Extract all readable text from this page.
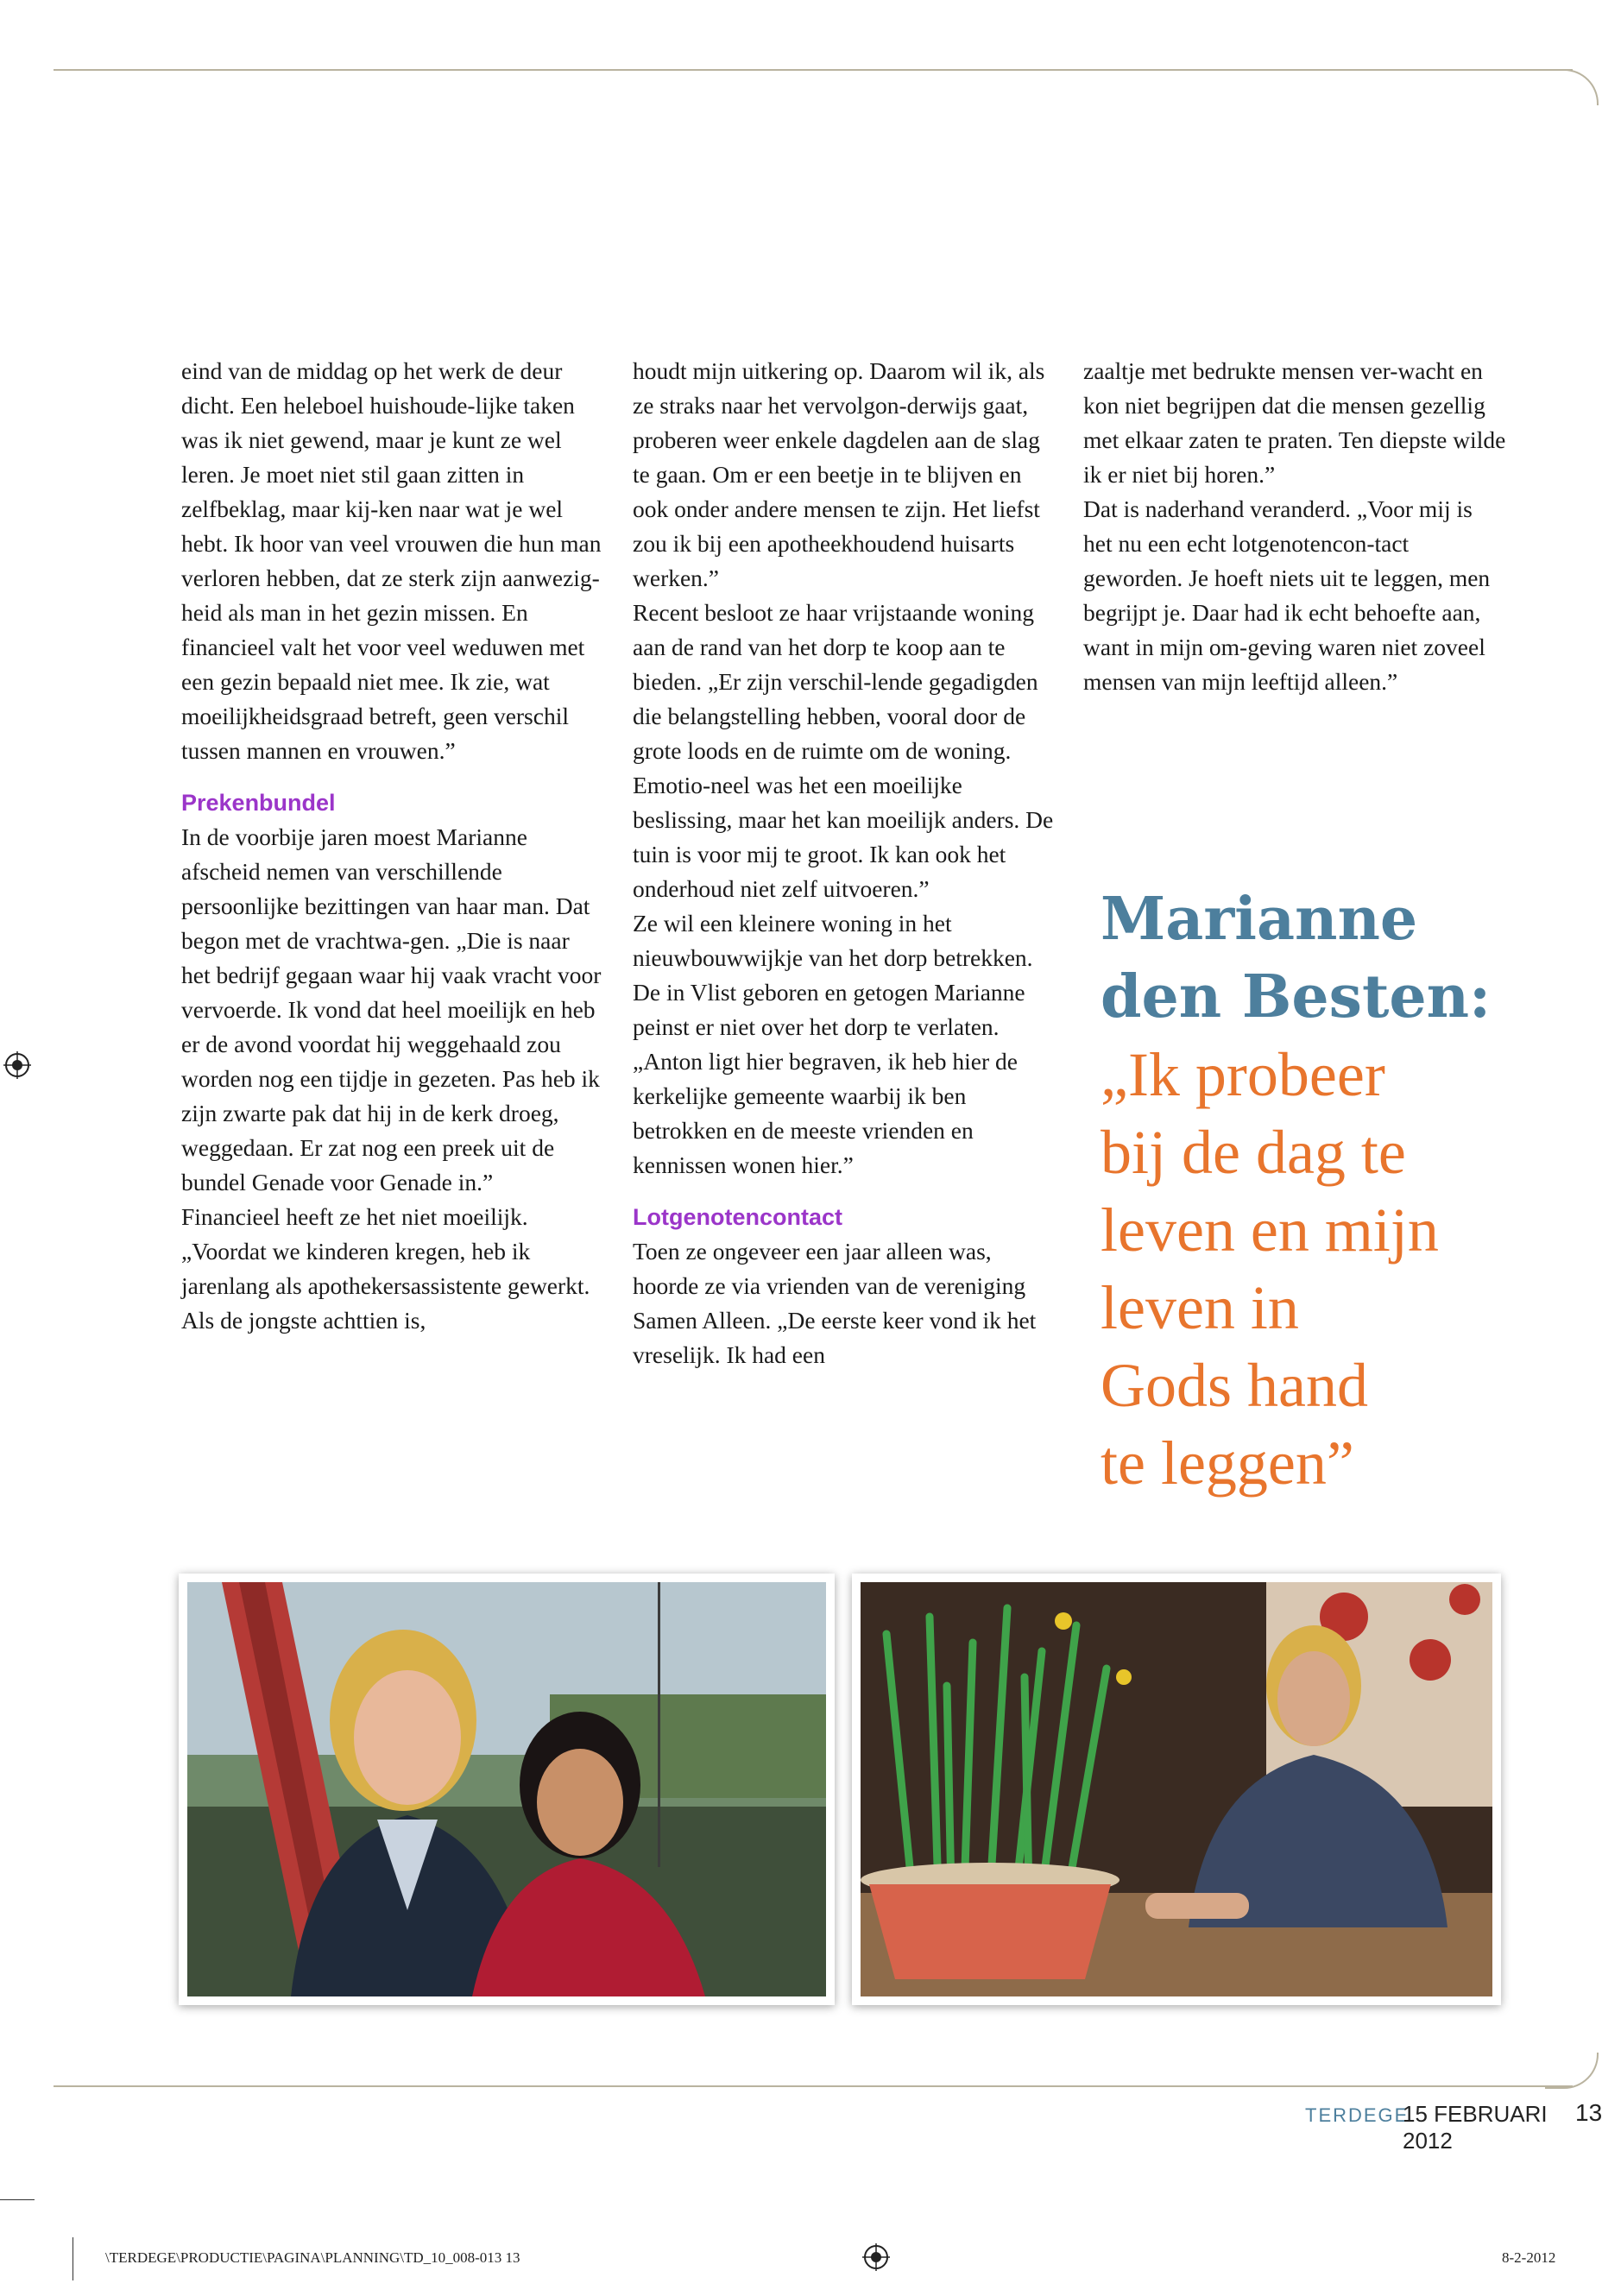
eind van de middag op het werk de deur dicht. Een heleboel huishoude-lijke taken was ik niet gewend, maar je kunt ze wel leren. Je moet niet stil gaan zitten in zelfbeklag, maar kij-ken naar wat je wel hebt. Ik hoor van veel vrouwen die hun man verloren hebben, dat ze sterk zijn aanwezig-heid als man in het gezin missen. En financieel valt het voor veel weduwen met een gezin bepaald niet mee. Ik zie, wat moeilijkheidsgraad betreft, geen verschil tussen mannen en vrouwen.”

Prekenbundel

In de voorbije jaren moest Marianne afscheid nemen van verschillende persoonlijke bezittingen van haar man. Dat begon met de vrachtwa-gen. „Die is naar het bedrijf gegaan waar hij vaak vracht voor vervoerde. Ik vond dat heel moeilijk en heb er de avond voordat hij weggehaald zou worden nog een tijdje in gezeten. Pas heb ik zijn zwarte pak dat hij in de kerk droeg, weggedaan. Er zat nog een preek uit de bundel Genade voor Genade in.”

Financieel heeft ze het niet moeilijk. „Voordat we kinderen kregen, heb ik jarenlang als apothekersassistente gewerkt. Als de jongste achttien is,

houdt mijn uitkering op. Daarom wil ik, als ze straks naar het vervolgon-derwijs gaat, proberen weer enkele dagdelen aan de slag te gaan. Om er een beetje in te blijven en ook onder andere mensen te zijn. Het liefst zou ik bij een apotheekhoudend huisarts werken.”

Recent besloot ze haar vrijstaande woning aan de rand van het dorp te koop aan te bieden. „Er zijn verschil-lende gegadigden die belangstelling hebben, vooral door de grote loods en de ruimte om de woning. Emotio-neel was het een moeilijke beslissing, maar het kan moeilijk anders. De tuin is voor mij te groot. Ik kan ook het onderhoud niet zelf uitvoeren.”

Ze wil een kleinere woning in het nieuwbouwwijkje van het dorp betrekken. De in Vlist geboren en getogen Marianne peinst er niet over het dorp te verlaten. „Anton ligt hier begraven, ik heb hier de kerkelijke gemeente waarbij ik ben betrokken en de meeste vrienden en kennissen wonen hier.”

Lotgenotencontact

Toen ze ongeveer een jaar alleen was, hoorde ze via vrienden van de vereniging Samen Alleen. „De eerste keer vond ik het vreselijk. Ik had een

zaaltje met bedrukte mensen ver-wacht en kon niet begrijpen dat die mensen gezellig met elkaar zaten te praten. Ten diepste wilde ik er niet bij horen.”

Dat is naderhand veranderd. „Voor mij is het nu een echt lotgenotencon-tact geworden. Je hoeft niets uit te leggen, men begrijpt je. Daar had ik echt behoefte aan, want in mijn om-geving waren niet zoveel mensen van mijn leeftijd alleen.”

Marianne
den Besten:
„Ik probeer
bij de dag te
leven en mijn
leven in
Gods hand
te leggen”
TERDEGE
15 FEBRUARI 2012
13
\TERDEGE\PRODUCTIE\PAGINA\PLANNING\TD_10_008-013 13	8-2-2012
